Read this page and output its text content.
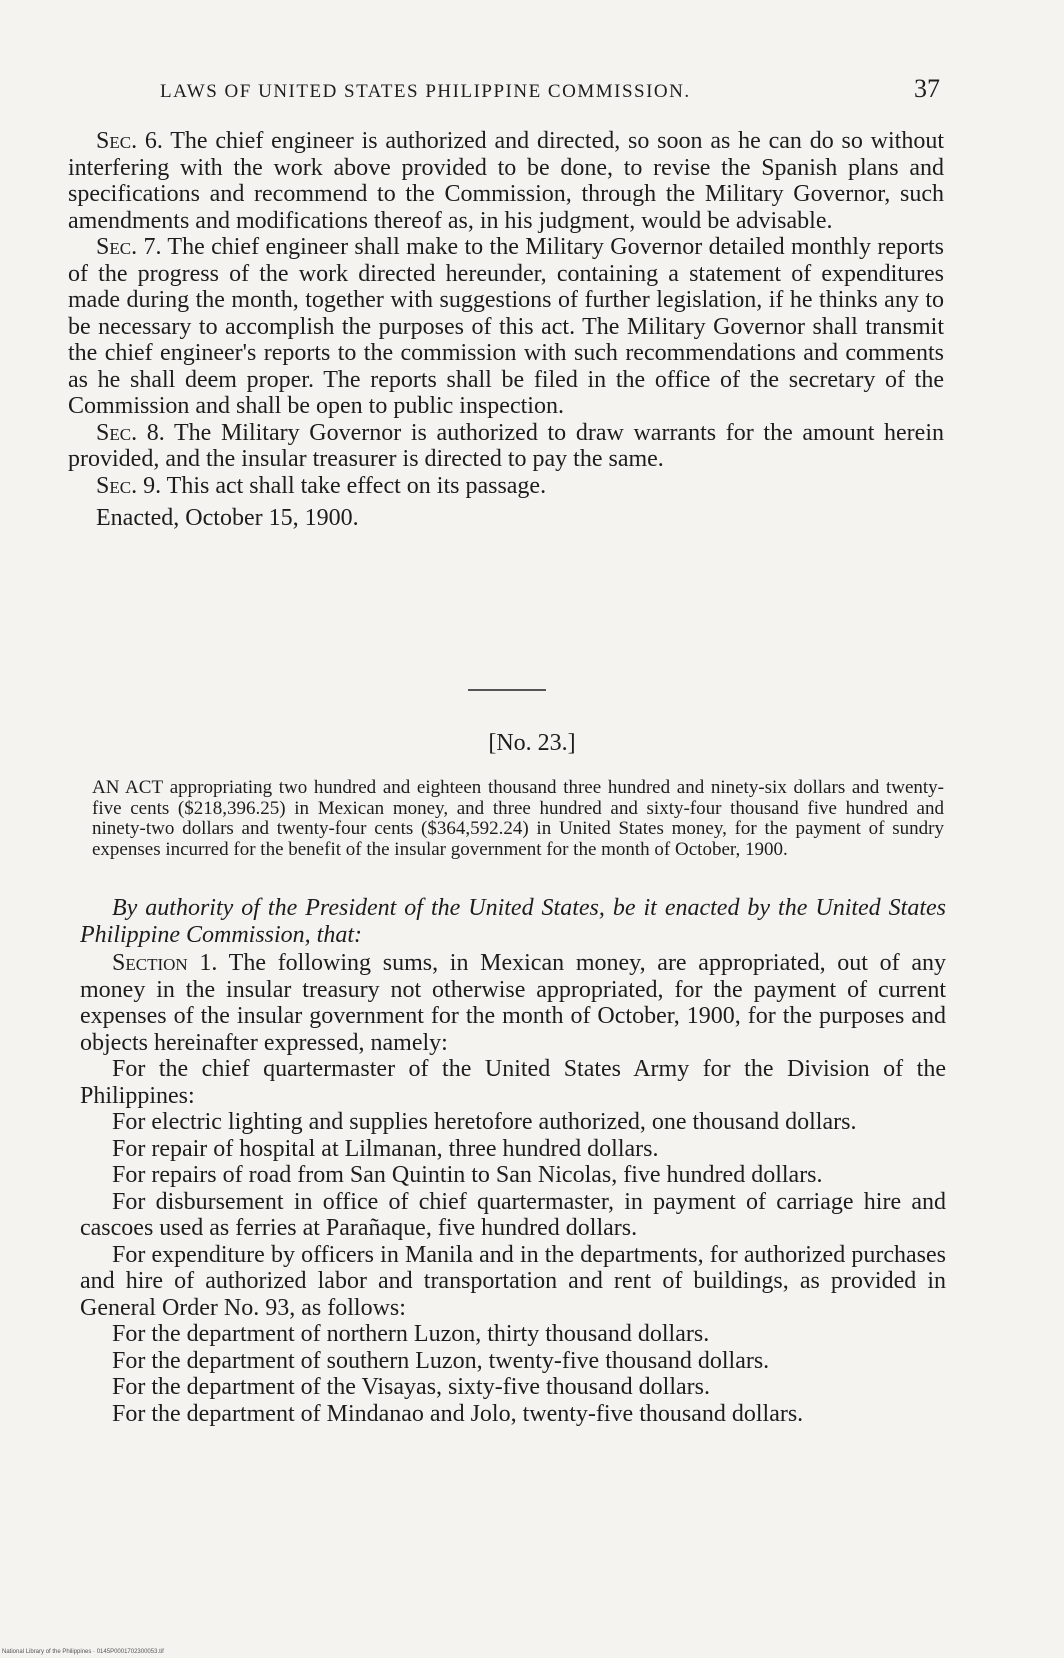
LAWS OF UNITED STATES PHILIPPINE COMMISSION.	37

Sec. 6. The chief engineer is authorized and directed, so soon as he can do so without interfering with the work above provided to be done, to revise the Spanish plans and specifications and recommend to the Commission, through the Military Governor, such amendments and modifications thereof as, in his judgment, would be advisable.

Sec. 7. The chief engineer shall make to the Military Governor detailed monthly reports of the progress of the work directed hereunder, containing a statement of expenditures made during the month, together with suggestions of further legislation, if he thinks any to be necessary to accomplish the purposes of this act. The Military Governor shall transmit the chief engineer's reports to the commission with such recommendations and comments as he shall deem proper. The reports shall be filed in the office of the secretary of the Commission and shall be open to public inspection.

Sec. 8. The Military Governor is authorized to draw warrants for the amount herein provided, and the insular treasurer is directed to pay the same.

Sec. 9. This act shall take effect on its passage.

Enacted, October 15, 1900.

[No. 23.]
AN ACT appropriating two hundred and eighteen thousand three hundred and ninety-six dollars and twenty-five cents ($218,396.25) in Mexican money, and three hundred and sixty-four thousand five hundred and ninety-two dollars and twenty-four cents ($364,592.24) in United States money, for the payment of sundry expenses incurred for the benefit of the insular government for the month of October, 1900.

By authority of the President of the United States, be it enacted by the United States Philippine Commission, that:

Section 1. The following sums, in Mexican money, are appropriated, out of any money in the insular treasury not otherwise appropriated, for the payment of current expenses of the insular government for the month of October, 1900, for the purposes and objects hereinafter expressed, namely:

For the chief quartermaster of the United States Army for the Division of the Philippines:

For electric lighting and supplies heretofore authorized, one thousand dollars.

For repair of hospital at Lilmanan, three hundred dollars.

For repairs of road from San Quintin to San Nicolas, five hundred dollars.

For disbursement in office of chief quartermaster, in payment of carriage hire and cascoes used as ferries at Parañaque, five hundred dollars.

For expenditure by officers in Manila and in the departments, for authorized purchases and hire of authorized labor and transportation and rent of buildings, as provided in General Order No. 93, as follows:

For the department of northern Luzon, thirty thousand dollars.

For the department of southern Luzon, twenty-five thousand dollars.

For the department of the Visayas, sixty-five thousand dollars.

For the department of Mindanao and Jolo, twenty-five thousand dollars.

National Library of the Philippines · 0145P0001702300053.tif
